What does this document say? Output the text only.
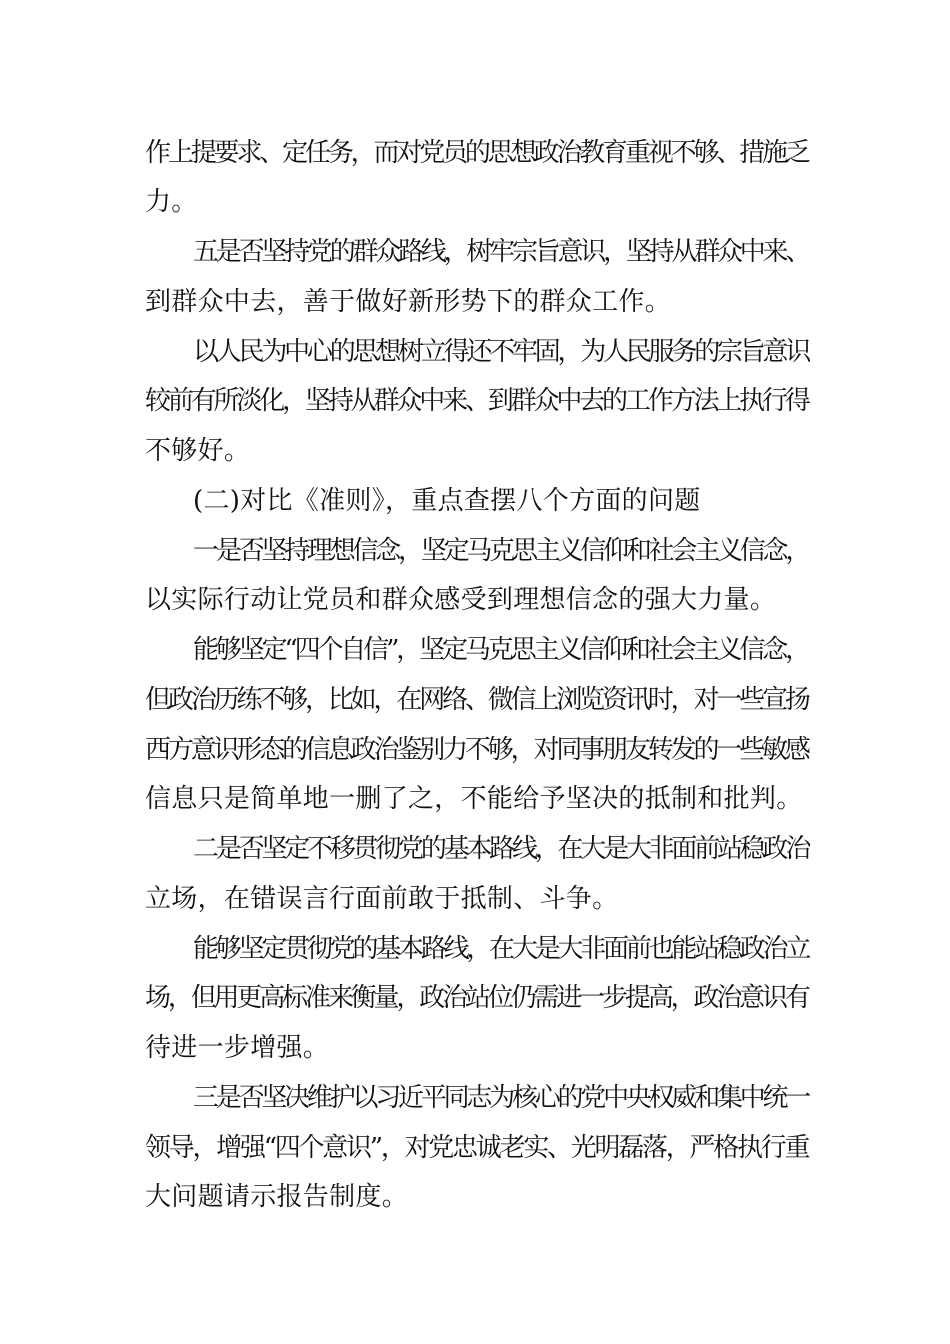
作上提要求、定任务，而对党员的思想政治教育重视不够、措施乏
力。
五是否坚持党的群众路线，树牢宗旨意识，坚持从群众中来、
到群众中去，善于做好新形势下的群众工作。
以人民为中心的思想树立得还不牢固，为人民服务的宗旨意识
较前有所淡化，坚持从群众中来、到群众中去的工作方法上执行得
不够好。
(二)对比《准则》，重点查摆八个方面的问题
一是否坚持理想信念，坚定马克思主义信仰和社会主义信念，
以实际行动让党员和群众感受到理想信念的强大力量。
能够坚定“四个自信”，坚定马克思主义信仰和社会主义信念，
但政治历练不够，比如，在网络、微信上浏览资讯时，对一些宣扬
西方意识形态的信息政治鉴别力不够，对同事朋友转发的一些敏感
信息只是简单地一删了之，不能给予坚决的抵制和批判。
二是否坚定不移贯彻党的基本路线，在大是大非面前站稳政治
立场，在错误言行面前敢于抵制、斗争。
能够坚定贯彻党的基本路线，在大是大非面前也能站稳政治立
场，但用更高标准来衡量，政治站位仍需进一步提高，政治意识有
待进一步增强。
三是否坚决维护以习近平同志为核心的党中央权威和集中统一
领导，增强“四个意识”，对党忠诚老实、光明磊落，严格执行重
大问题请示报告制度。
